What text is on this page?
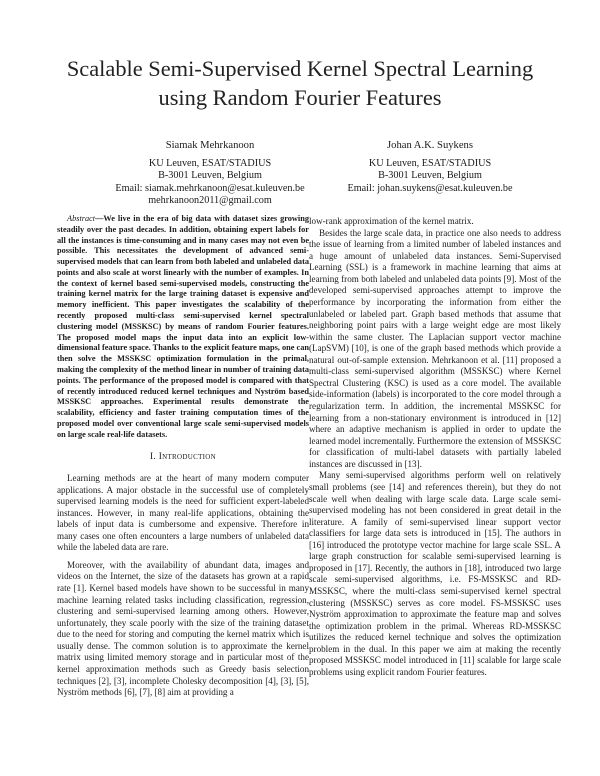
Scalable Semi-Supervised Kernel Spectral Learning
using Random Fourier Features
Siamak Mehrkanoon
KU Leuven, ESAT/STADIUS
B-3001 Leuven, Belgium
Email: siamak.mehrkanoon@esat.kuleuven.be
mehrkanoon2011@gmail.com
Johan A.K. Suykens
KU Leuven, ESAT/STADIUS
B-3001 Leuven, Belgium
Email: johan.suykens@esat.kuleuven.be

Abstract—We live in the era of big data with dataset sizes growing steadily over the past decades. In addition, obtaining expert labels for all the instances is time-consuming and in many cases may not even be possible. This necessitates the development of advanced semi-supervised models that can learn from both labeled and unlabeled data points and also scale at worst linearly with the number of examples. In the context of kernel based semi-supervised models, constructing the training kernel matrix for the large training dataset is expensive and memory inefficient. This paper investigates the scalability of the recently proposed multi-class semi-supervised kernel spectral clustering model (MSSKSC) by means of random Fourier features. The proposed model maps the input data into an explicit low-dimensional feature space. Thanks to the explicit feature maps, one can then solve the MSSKSC optimization formulation in the primal, making the complexity of the method linear in number of training data points. The performance of the proposed model is compared with that of recently introduced reduced kernel techniques and Nyström based MSSKSC approaches. Experimental results demonstrate the scalability, efficiency and faster training computation times of the proposed model over conventional large scale semi-supervised models on large scale real-life datasets.

I. Introduction

Learning methods are at the heart of many modern computer applications. A major obstacle in the successful use of completely supervised learning models is the need for sufficient expert-labeled instances. However, in many real-life applications, obtaining the labels of input data is cumbersome and expensive. Therefore in many cases one often encounters a large numbers of unlabeled data while the labeled data are rare.

Moreover, with the availability of abundant data, images and videos on the Internet, the size of the datasets has grown at a rapid rate [1]. Kernel based models have shown to be successful in many machine learning related tasks including classification, regression, clustering and semi-supervised learning among others. However, unfortunately, they scale poorly with the size of the training dataset due to the need for storing and computing the kernel matrix which is usually dense. The common solution is to approximate the kernel matrix using limited memory storage and in particular most of the kernel approximation methods such as Greedy basis selection techniques [2], [3], incomplete Cholesky decomposition [4], [3], [5], Nyström methods [6], [7], [8] aim at providing a

low-rank approximation of the kernel matrix.

Besides the large scale data, in practice one also needs to address the issue of learning from a limited number of labeled instances and a huge amount of unlabeled data instances. Semi-Supervised Learning (SSL) is a framework in machine learning that aims at learning from both labeled and unlabeled data points [9]. Most of the developed semi-supervised approaches attempt to improve the performance by incorporating the information from either the unlabeled or labeled part. Graph based methods that assume that neighboring point pairs with a large weight edge are most likely within the same cluster. The Laplacian support vector machine (LapSVM) [10], is one of the graph based methods which provide a natural out-of-sample extension. Mehrkanoon et al. [11] proposed a multi-class semi-supervised algorithm (MSSKSC) where Kernel Spectral Clustering (KSC) is used as a core model. The available side-information (labels) is incorporated to the core model through a regularization term. In addition, the incremental MSSKSC for learning from a non-stationary environment is introduced in [12] where an adaptive mechanism is applied in order to update the learned model incrementally. Furthermore the extension of MSSKSC for classification of multi-label datasets with partially labeled instances are discussed in [13].

Many semi-supervised algorithms perform well on relatively small problems (see [14] and references therein), but they do not scale well when dealing with large scale data. Large scale semi-supervised modeling has not been considered in great detail in the literature. A family of semi-supervised linear support vector classifiers for large data sets is introduced in [15]. The authors in [16] introduced the prototype vector machine for large scale SSL. A large graph construction for scalable semi-supervised learning is proposed in [17]. Recently, the authors in [18], introduced two large scale semi-supervised algorithms, i.e. FS-MSSKSC and RD-MSSKSC, where the multi-class semi-supervised kernel spectral clustering (MSSKSC) serves as core model. FS-MSSKSC uses Nyström approximation to approximate the feature map and solves the optimization problem in the primal. Whereas RD-MSSKSC utilizes the reduced kernel technique and solves the optimization problem in the dual. In this paper we aim at making the recently proposed MSSKSC model introduced in [11] scalable for large scale problems using explicit random Fourier features.
